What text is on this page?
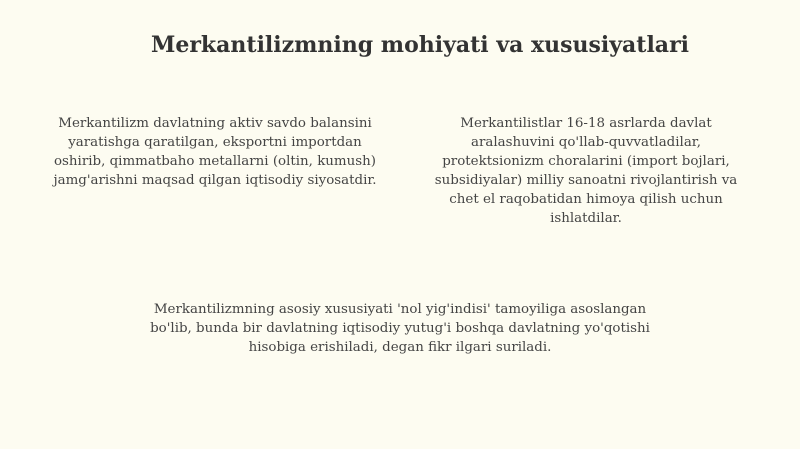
Merkantilizmning mohiyati va xususiyatlari

Merkantilizm davlatning aktiv savdo balansini yaratishga qaratilgan, eksportni importdan oshirib, qimmatbaho metallarni (oltin, kumush) jamg'arishni maqsad qilgan iqtisodiy siyosatdir.

Merkantilistlar 16-18 asrlarda davlat aralashuvini qo'llab-quvvatladilar, protektsionizm choralarini (import bojlari, subsidiyalar) milliy sanoatni rivojlantirish va chet el raqobatidan himoya qilish uchun ishlatdilar.

Merkantilizmning asosiy xususiyati 'nol yig'indisi' tamoyiliga asoslangan bo'lib, bunda bir davlatning iqtisodiy yutug'i boshqa davlatning yo'qotishi hisobiga erishiladi, degan fikr ilgari suriladi.
